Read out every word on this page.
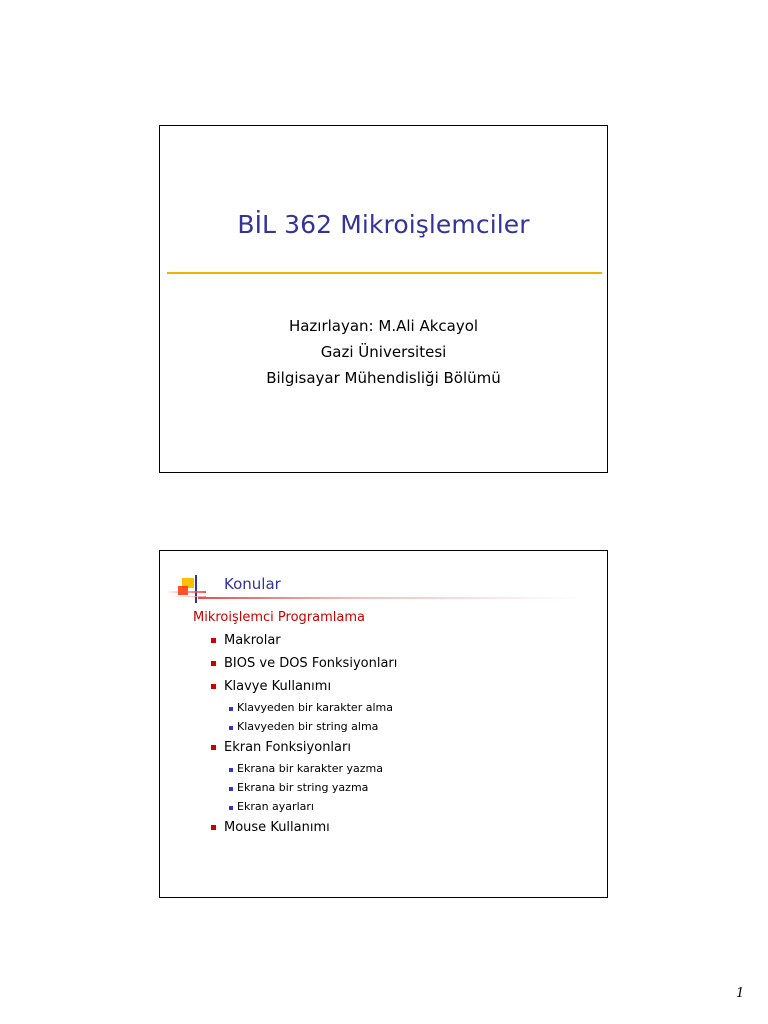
BİL 362 Mikroişlemciler
Hazırlayan: M.Ali Akcayol
Gazi Üniversitesi
Bilgisayar Mühendisliği Bölümü
Konular
Mikroişlemci Programlama
Makrolar
BIOS ve DOS Fonksiyonları
Klavye Kullanımı
Klavyeden bir karakter alma
Klavyeden bir string alma
Ekran Fonksiyonları
Ekrana bir karakter yazma
Ekrana bir string yazma
Ekran ayarları
Mouse Kullanımı
1
